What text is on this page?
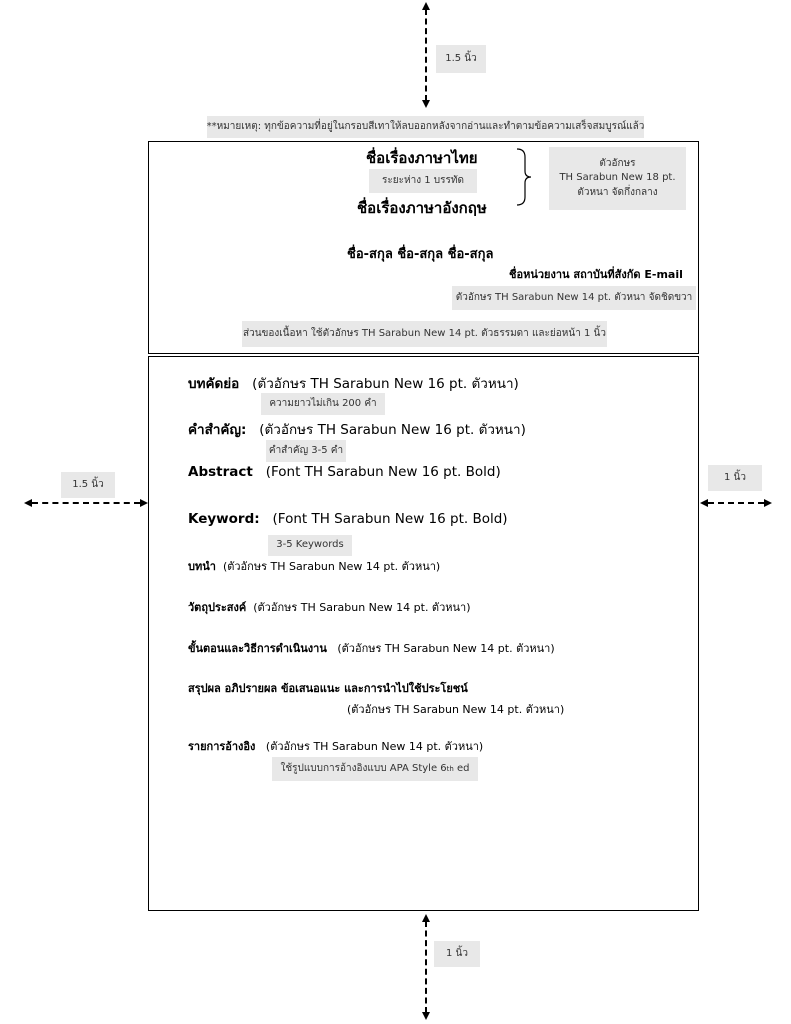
1.5 นิ้ว
**หมายเหตุ: ทุกข้อความที่อยู่ในกรอบสีเทาให้ลบออกหลังจากอ่านและทำตามข้อความเสร็จสมบูรณ์แล้ว
ชื่อเรื่องภาษาไทย
ระยะห่าง 1 บรรทัด
ชื่อเรื่องภาษาอังกฤษ
ตัวอักษร
TH Sarabun New 18 pt.
ตัวหนา จัดกึ่งกลาง
ชื่อ-สกุล ชื่อ-สกุล ชื่อ-สกุล
ชื่อหน่วยงาน สถาบันที่สังกัด E-mail
ตัวอักษร TH Sarabun New 14 pt. ตัวหนา จัดชิดขวา
ส่วนของเนื้อหา ใช้ตัวอักษร TH Sarabun New 14 pt. ตัวธรรมดา และย่อหน้า 1 นิ้ว
1.5 นิ้ว
1 นิ้ว
บทคัดย่อ (ตัวอักษร TH Sarabun New 16 pt. ตัวหนา)
ความยาวไม่เกิน 200 คำ
คำสำคัญ: (ตัวอักษร TH Sarabun New 16 pt. ตัวหนา)
คำสำคัญ 3-5 คำ
Abstract (Font TH Sarabun New 16 pt. Bold)
Keyword: (Font TH Sarabun New 16 pt. Bold)
3-5 Keywords
บทนำ (ตัวอักษร TH Sarabun New 14 pt. ตัวหนา)
วัตถุประสงค์ (ตัวอักษร TH Sarabun New 14 pt. ตัวหนา)
ขั้นตอนและวิธีการดำเนินงาน (ตัวอักษร TH Sarabun New 14 pt. ตัวหนา)
สรุปผล อภิปรายผล ข้อเสนอแนะ และการนำไปใช้ประโยชน์
(ตัวอักษร TH Sarabun New 14 pt. ตัวหนา)
รายการอ้างอิง (ตัวอักษร TH Sarabun New 14 pt. ตัวหนา)
ใช้รูปแบบการอ้างอิงแบบ APA Style 6 th ed
1 นิ้ว
